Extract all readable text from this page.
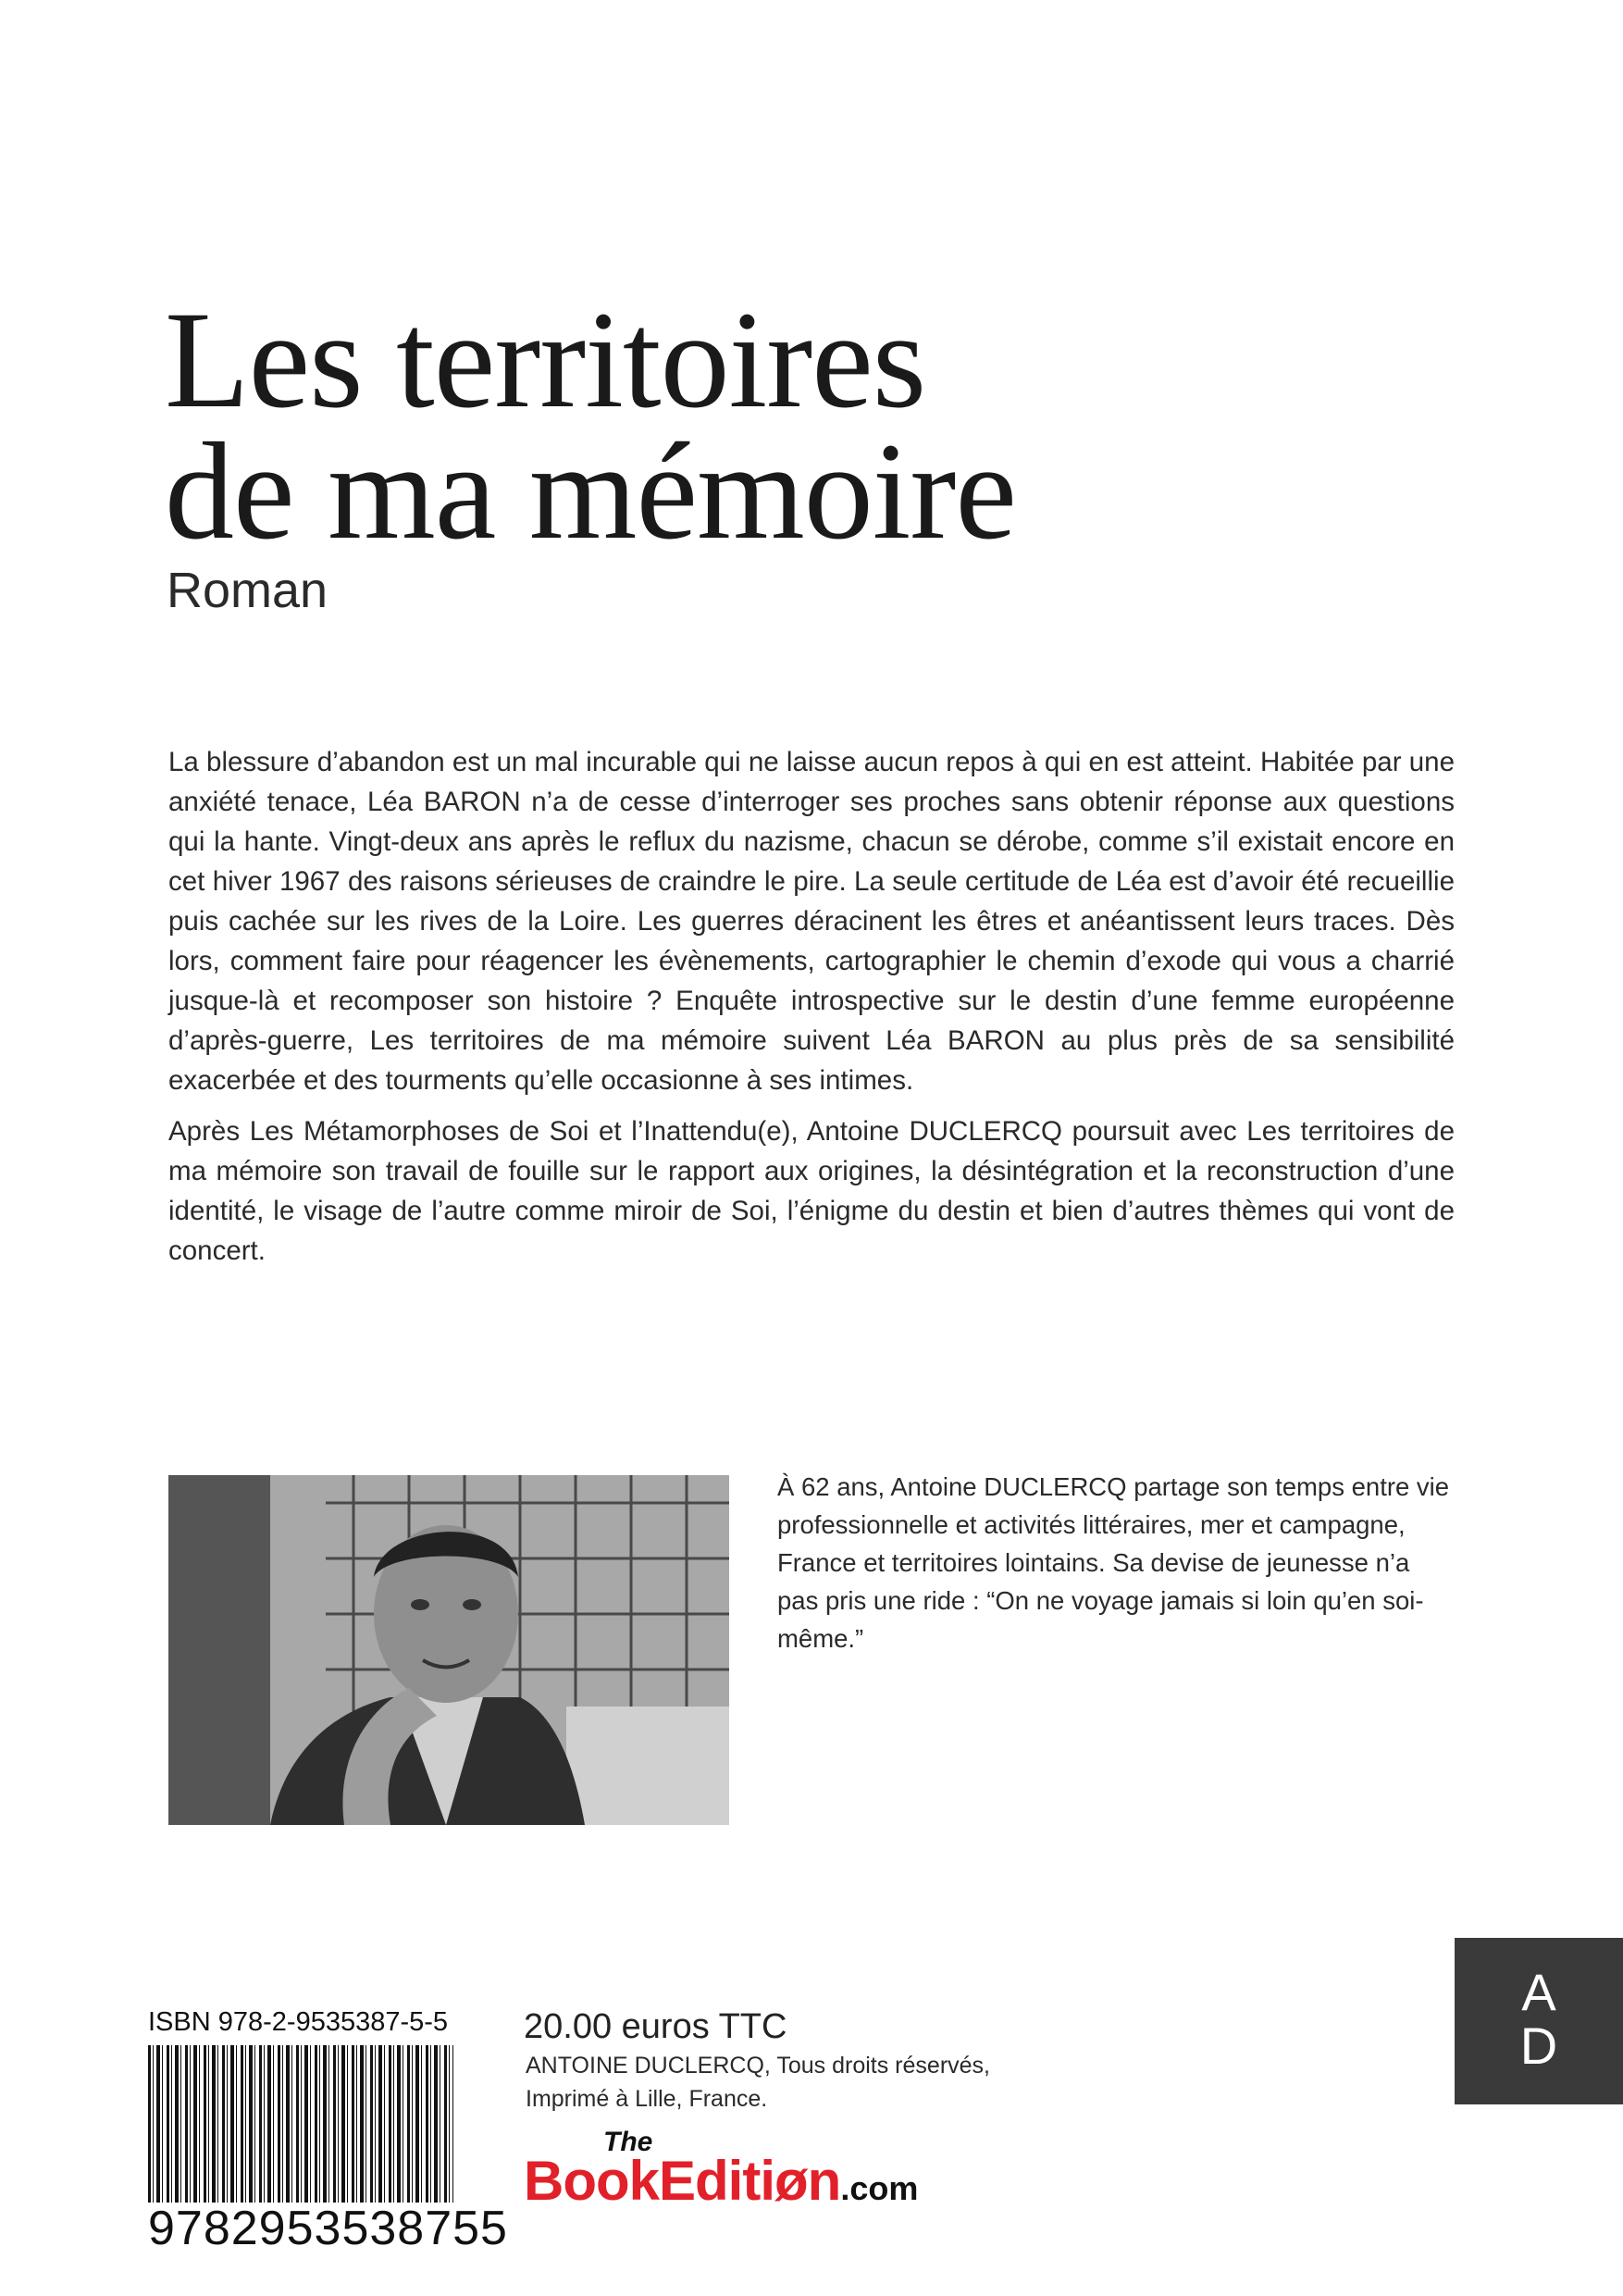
Les territoires
de ma mémoire
Roman

La blessure d’abandon est un mal incurable qui ne laisse aucun repos à qui en est atteint. Habitée par une anxiété tenace, Léa BARON n’a de cesse d’interroger ses proches sans obtenir réponse aux questions qui la hante. Vingt-deux ans après le reflux du nazisme, chacun se dérobe, comme s’il existait encore en cet hiver 1967 des raisons sérieuses de craindre le pire. La seule certitude de Léa est d’avoir été recueillie puis cachée sur les rives de la Loire. Les guerres déracinent les êtres et anéantissent leurs traces. Dès lors, comment faire pour réagencer les évènements, cartographier le chemin d’exode qui vous a charrié jusque-là et recomposer son histoire ? Enquête introspective sur le destin d’une femme européenne d’après-guerre, Les territoires de ma mémoire suivent Léa BARON au plus près de sa sensibilité exacerbée et des tourments qu’elle occasionne à ses intimes.

Après Les Métamorphoses de Soi et l’Inattendu(e), Antoine DUCLERCQ poursuit avec Les territoires de ma mémoire son travail de fouille sur le rapport aux origines, la désintégration et la reconstruction d’une identité, le visage de l’autre comme miroir de Soi, l’énigme du destin et bien d’autres thèmes qui vont de concert.

À 62 ans, Antoine DUCLERCQ partage son temps entre vie professionnelle et activités littéraires, mer et campagne, France et territoires lointains. Sa devise de jeunesse n’a pas pris une ride : “On ne voyage jamais si loin qu’en soi-même.”
A
D
ISBN 978-2-9535387-5-5
9782953538755
20.00 euros TTC
ANTOINE DUCLERCQ, Tous droits réservés,
Imprimé à Lille, France.
The
BookEditiøn.com
